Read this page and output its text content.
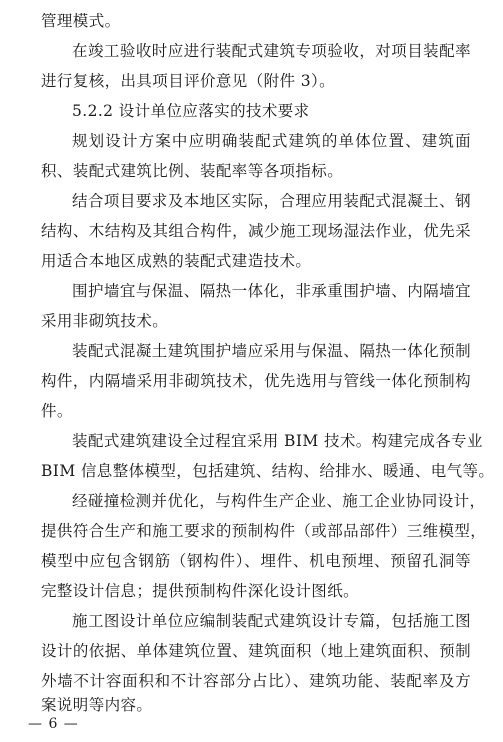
管理模式。
在竣工验收时应进行装配式建筑专项验收，对项目装配率
进行复核，出具项目评价意见（附件 3）。
5.2.2 设计单位应落实的技术要求
规划设计方案中应明确装配式建筑的单体位置、建筑面
积、装配式建筑比例、装配率等各项指标。
结合项目要求及本地区实际，合理应用装配式混凝土、钢
结构、木结构及其组合构件，减少施工现场湿法作业，优先采
用适合本地区成熟的装配式建造技术。
围护墙宜与保温、隔热一体化，非承重围护墙、内隔墙宜
采用非砌筑技术。
装配式混凝土建筑围护墙应采用与保温、隔热一体化预制
构件，内隔墙采用非砌筑技术，优先选用与管线一体化预制构
件。
装配式建筑建设全过程宜采用 BIM 技术。构建完成各专业
BIM 信息整体模型，包括建筑、结构、给排水、暖通、电气等。
经碰撞检测并优化，与构件生产企业、施工企业协同设计，
提供符合生产和施工要求的预制构件（或部品部件）三维模型，
模型中应包含钢筋（钢构件）、埋件、机电预埋、预留孔洞等
完整设计信息；提供预制构件深化设计图纸。
施工图设计单位应编制装配式建筑设计专篇，包括施工图
设计的依据、单体建筑位置、建筑面积（地上建筑面积、预制
外墙不计容面积和不计容部分占比）、建筑功能、装配率及方
案说明等内容。
— 6 —
